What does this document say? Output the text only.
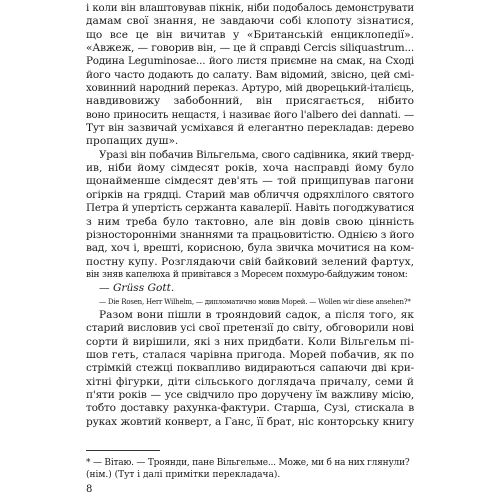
і коли він влаштовував пікнік, ніби подобалось демонструвати
дамам свої знання, не завдаючи собі клопоту зізнатися,
що все це він вичитав у «Британській енциклопедії».
«Авжеж, — говорив він, — це й справді Cercis siliquastrum...
Родина Leguminosae... його листя приємне на смак, на Сході
його часто додають до салату. Вам відомий, звісно, цей смі-
ховинний народний переказ. Артуро, мій дворецький-італієць,
навдивовижу забобонний, він присягається, нібито
воно приносить нещастя, і називає його l'albero dei dannati. —
Тут він зазвичай усміхався й елегантно перекладав: дерево
пропащих душ».
Уразі він побачив Вільгельма, свого садівника, який тверд-
ив, ніби йому сімдесят років, хоча насправді йому було
щонайменше сімдесят дев'ять — той прищипував пагони
огірків на грядці. Старий мав обличчя одряхлілого святого
Петра й упертість сержанта кавалерії. Навіть погоджуватися
з ним треба було тактовно, але він довів свою цінність
різносторонніми знаннями та працьовитістю. Однією з його
вад, хоч і, врешті, корисною, була звичка мочитися на ком-
постну купу. Розглядаючи свій байковий зелений фартух,
він зняв капелюха й привітався з Моресем похмуро-байдужим тоном:
— Grüss Gott.
— Die Rosen, Herr Wilhelm, — дипломатично мовив Морей. — Wollen wir diese ansehen?*
Разом вони пішли в трояндовий садок, а після того, як
старий висловив усі свої претензії до світу, обговорили нові
сорти й вирішили, які з них придбати. Коли Вільгельм пі-
шов геть, сталася чарівна пригода. Морей побачив, як по
стрімкій стежці поквапливо видираються сапаючи дві кри-
хітні фігурки, діти сільського доглядача причалу, семи й
п'яти років — усе свідчило про доручену їм важливу місію,
тобто доставку рахунка-фактури. Старша, Сузі, стискала в
руках жовтий конверт, а Ганс, її брат, ніс конторську книгу
* — Вітаю. — Троянди, пане Вільгельме... Може, ми б на них глянули?
(нім.) (Тут і далі примітки перекладача).
8
